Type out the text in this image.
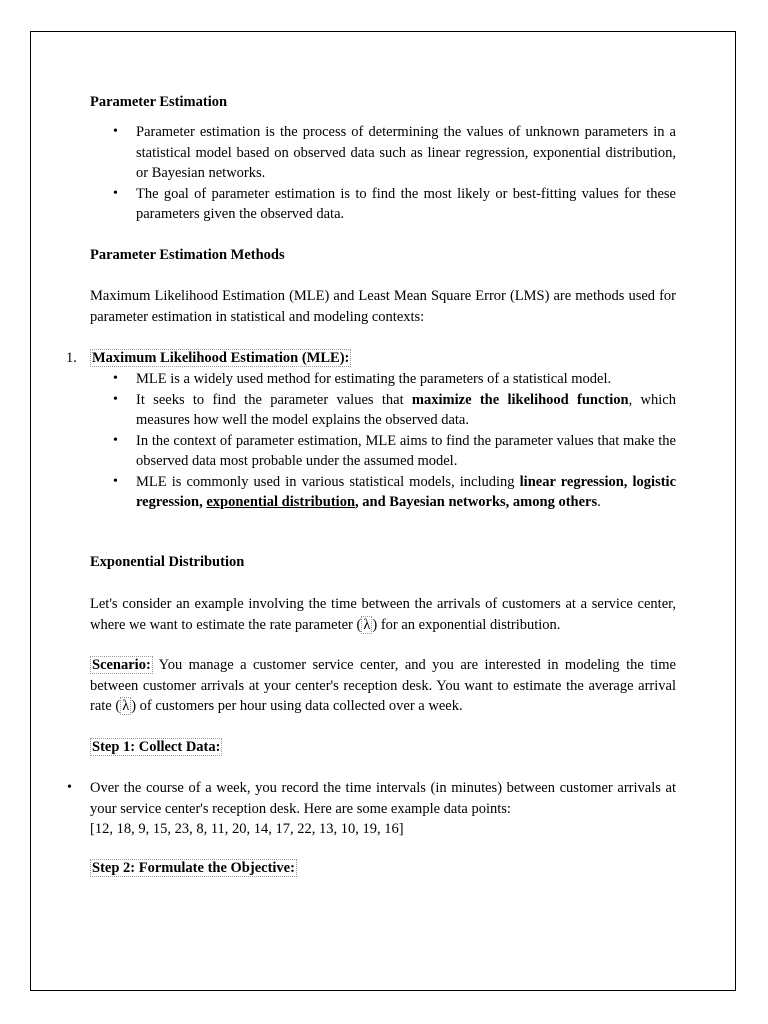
Parameter Estimation
• Parameter estimation is the process of determining the values of unknown parameters in a statistical model based on observed data such as linear regression, exponential distribution, or Bayesian networks.
• The goal of parameter estimation is to find the most likely or best-fitting values for these parameters given the observed data.
Parameter Estimation Methods
Maximum Likelihood Estimation (MLE) and Least Mean Square Error (LMS) are methods used for parameter estimation in statistical and modeling contexts:
1. Maximum Likelihood Estimation (MLE):
• MLE is a widely used method for estimating the parameters of a statistical model.
• It seeks to find the parameter values that maximize the likelihood function, which measures how well the model explains the observed data.
• In the context of parameter estimation, MLE aims to find the parameter values that make the observed data most probable under the assumed model.
• MLE is commonly used in various statistical models, including linear regression, logistic regression, exponential distribution, and Bayesian networks, among others.
Exponential Distribution
Let's consider an example involving the time between the arrivals of customers at a service center, where we want to estimate the rate parameter ( λ ) for an exponential distribution.
Scenario: You manage a customer service center, and you are interested in modeling the time between customer arrivals at your center's reception desk. You want to estimate the average arrival rate ( λ ) of customers per hour using data collected over a week.
Step 1: Collect Data:
• Over the course of a week, you record the time intervals (in minutes) between customer arrivals at your service center's reception desk. Here are some example data points:
[12, 18, 9, 15, 23, 8, 11, 20, 14, 17, 22, 13, 10, 19, 16]
Step 2: Formulate the Objective:
